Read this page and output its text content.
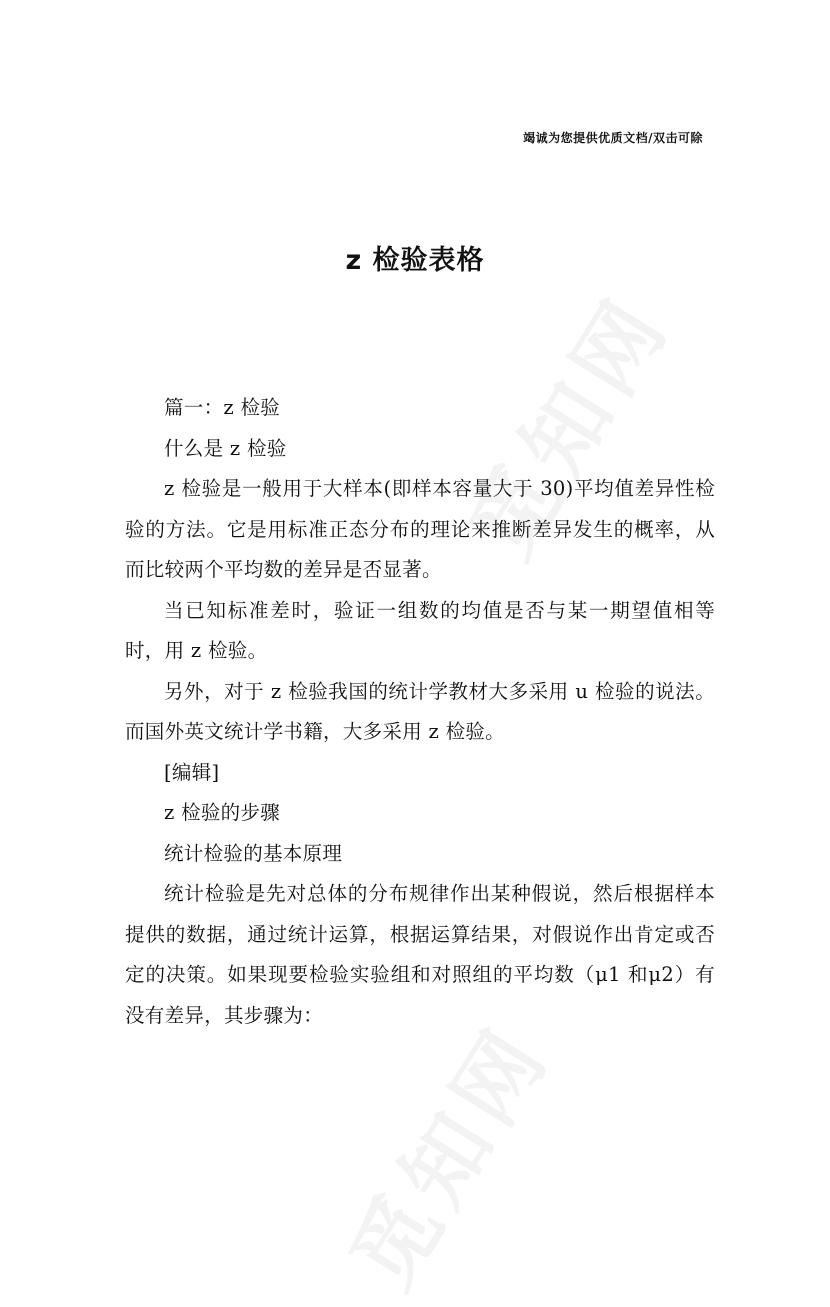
竭诚为您提供优质文档/双击可除
z 检验表格

篇一：z 检验

什么是 z 检验

z 检验是一般用于大样本(即样本容量大于 30)平均值差异性检验的方法。它是用标准正态分布的理论来推断差异发生的概率，从而比较两个平均数的差异是否显著。

当已知标准差时，验证一组数的均值是否与某一期望值相等时，用 z 检验。

另外，对于 z 检验我国的统计学教材大多采用 u 检验的说法。而国外英文统计学书籍，大多采用 z 检验。

[编辑]

z 检验的步骤

统计检验的基本原理

统计检验是先对总体的分布规律作出某种假说，然后根据样本提供的数据，通过统计运算，根据运算结果，对假说作出肯定或否定的决策。如果现要检验实验组和对照组的平均数（μ1 和μ2）有没有差异，其步骤为：
